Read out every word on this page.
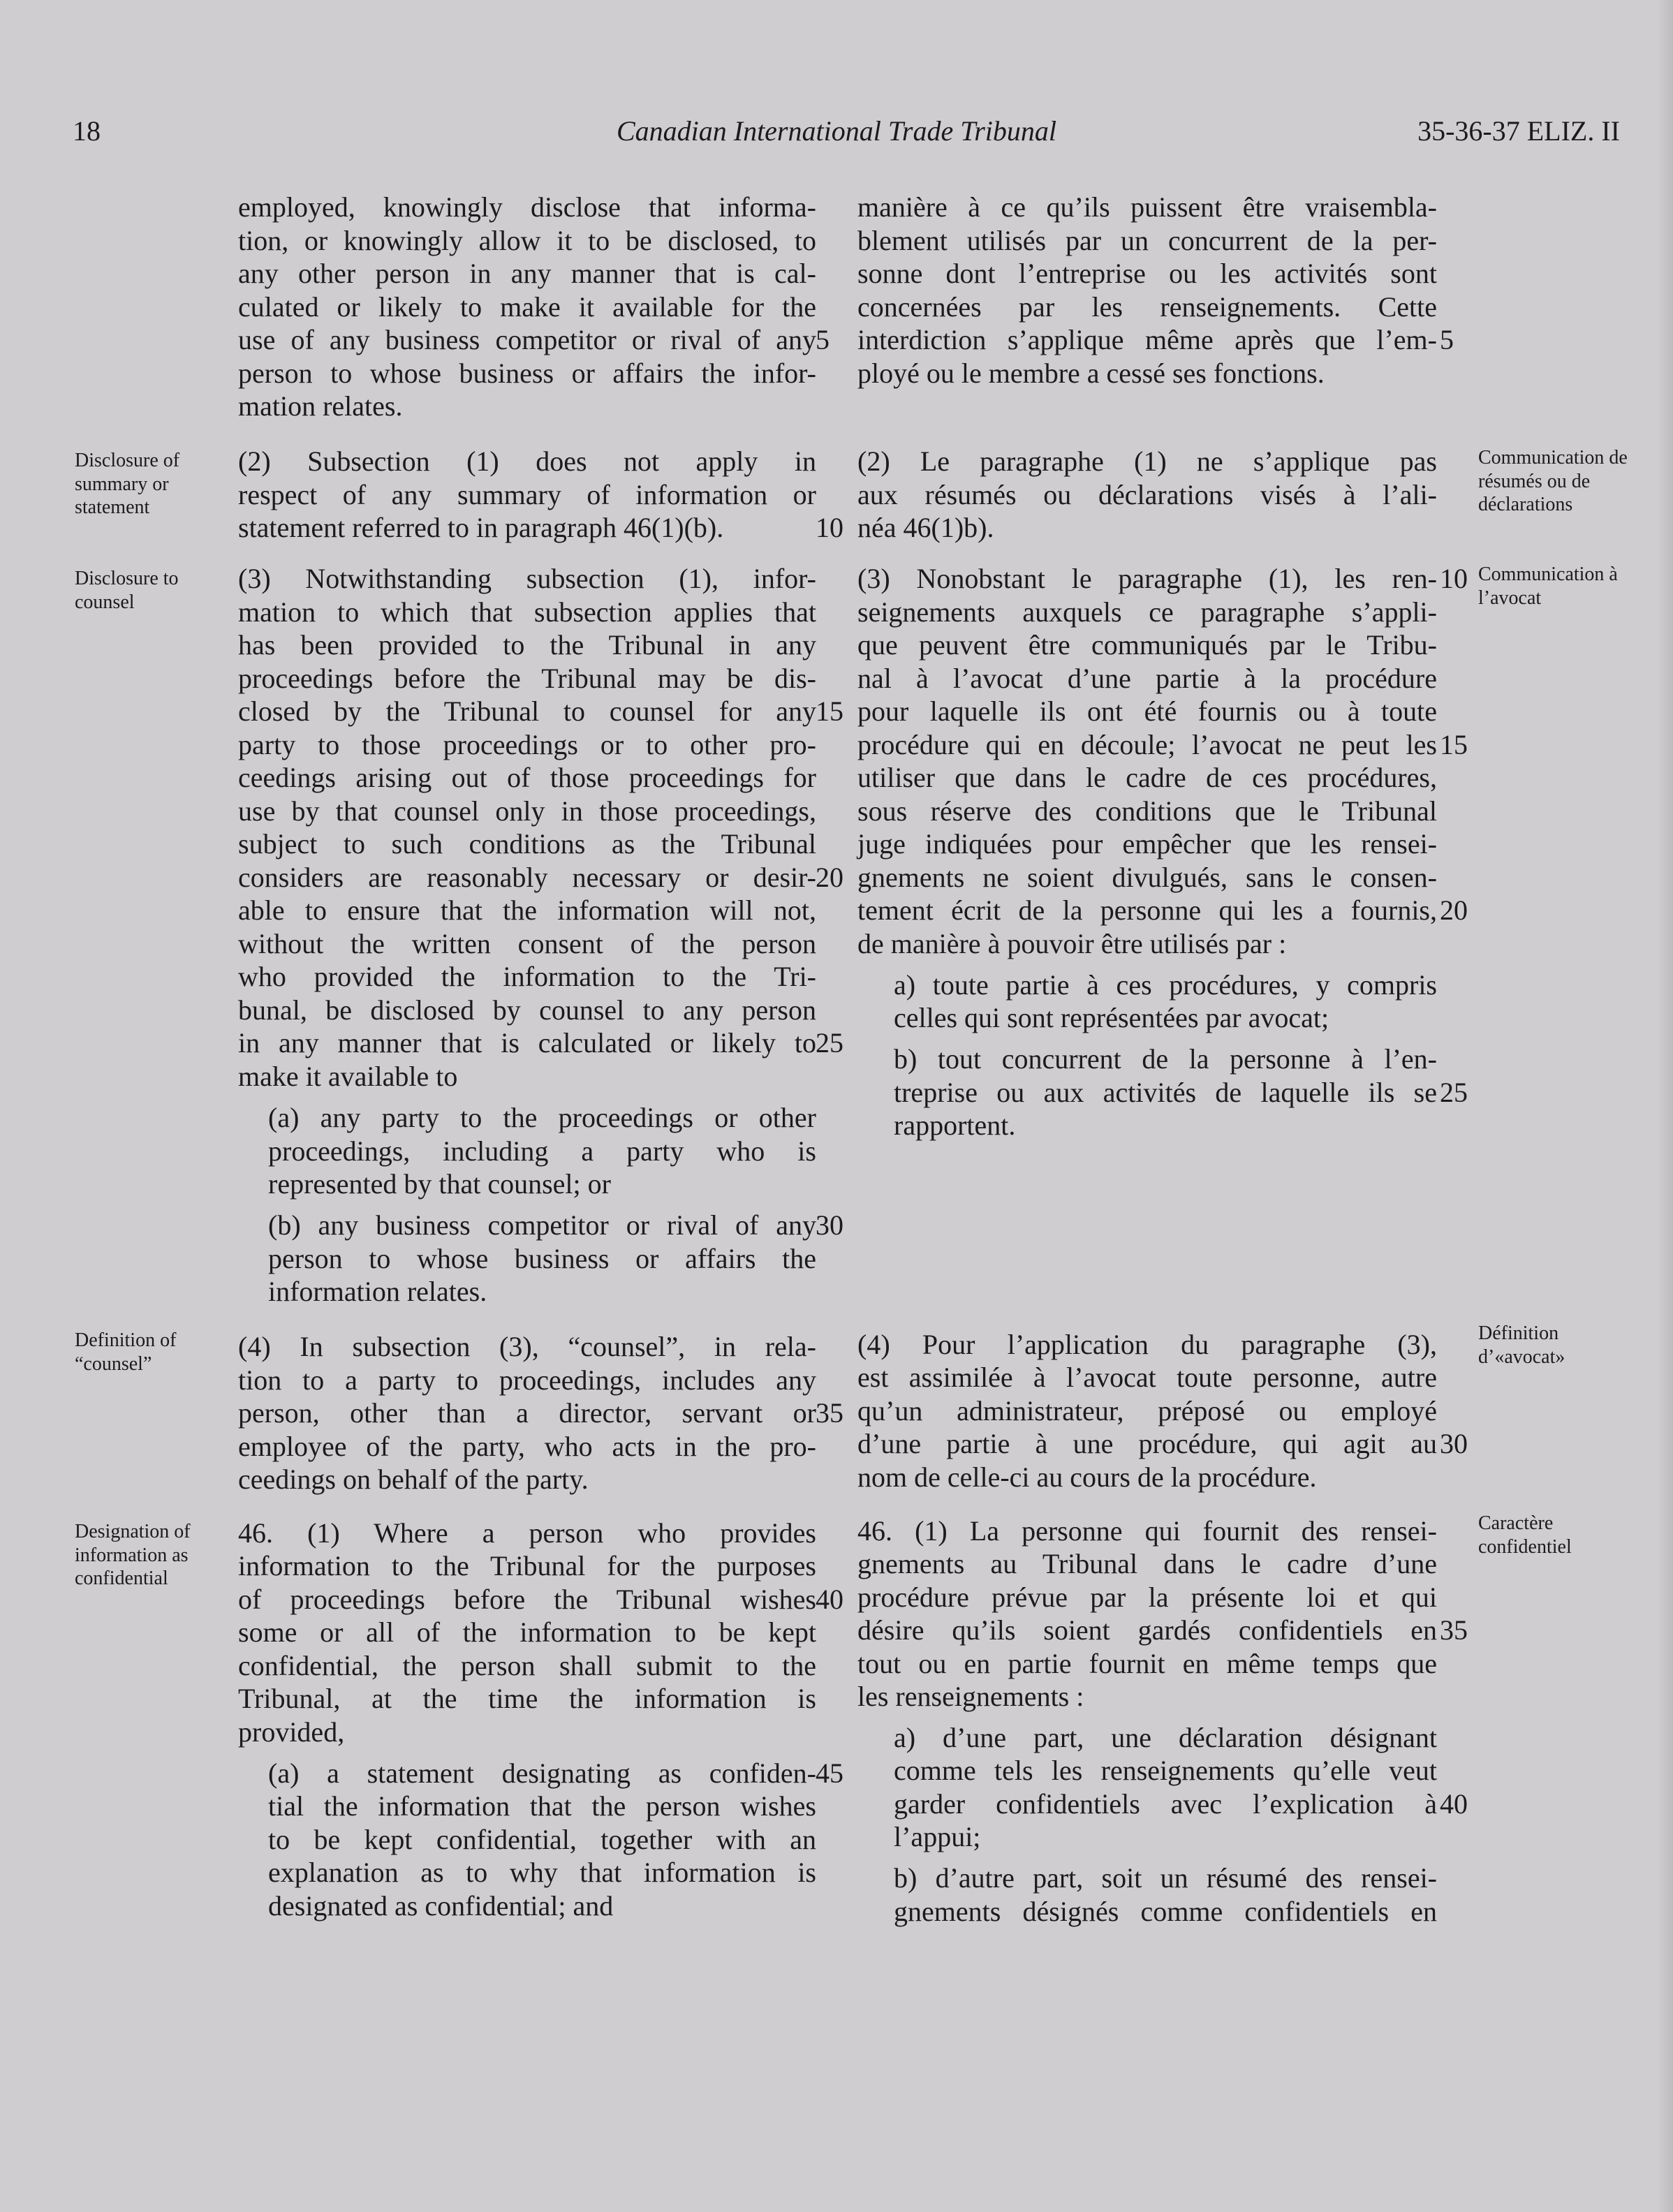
18	Canadian International Trade Tribunal	35-36-37 ELIZ. II
employed, knowingly disclose that informa-
tion, or knowingly allow it to be disclosed, to
any other person in any manner that is cal-
culated or likely to make it available for the
use of any business competitor or rival of any 5
person to whose business or affairs the infor-
mation relates.
(2) Subsection (1) does not apply in
respect of any summary of information or
statement referred to in paragraph 46(1)(b).	10
(3) Notwithstanding subsection (1), infor-
mation to which that subsection applies that
has been provided to the Tribunal in any
proceedings before the Tribunal may be dis-
closed by the Tribunal to counsel for any 15
party to those proceedings or to other pro-
ceedings arising out of those proceedings for
use by that counsel only in those proceedings,
subject to such conditions as the Tribunal
considers are reasonably necessary or desir- 20
able to ensure that the information will not,
without the written consent of the person
who provided the information to the Tri-
bunal, be disclosed by counsel to any person
in any manner that is calculated or likely to 25
make it available to
(a) any party to the proceedings or other
proceedings, including a party who is
represented by that counsel; or
(b) any business competitor or rival of any 30
person to whose business or affairs the
information relates.
(4) In subsection (3), “counsel”, in rela-
tion to a party to proceedings, includes any
person, other than a director, servant or 35
employee of the party, who acts in the pro-
ceedings on behalf of the party.
46. (1) Where a person who provides
information to the Tribunal for the purposes
of proceedings before the Tribunal wishes 40
some or all of the information to be kept
confidential, the person shall submit to the
Tribunal, at the time the information is
provided,
(a) a statement designating as confiden- 45
tial the information that the person wishes
to be kept confidential, together with an
explanation as to why that information is
designated as confidential; and
manière à ce qu’ils puissent être vraisembla-
blement utilisés par un concurrent de la per-
sonne dont l’entreprise ou les activités sont
concernées par les renseignements. Cette
interdiction s’applique même après que l’em- 5
ployé ou le membre a cessé ses fonctions.
(2) Le paragraphe (1) ne s’applique pas
aux résumés ou déclarations visés à l’ali-
néa 46(1)b).
(3) Nonobstant le paragraphe (1), les ren- 10
seignements auxquels ce paragraphe s’appli-
que peuvent être communiqués par le Tribu-
nal à l’avocat d’une partie à la procédure
pour laquelle ils ont été fournis ou à toute
procédure qui en découle; l’avocat ne peut les 15
utiliser que dans le cadre de ces procédures,
sous réserve des conditions que le Tribunal
juge indiquées pour empêcher que les rensei-
gnements ne soient divulgués, sans le consen-
tement écrit de la personne qui les a fournis, 20
de manière à pouvoir être utilisés par :
a) toute partie à ces procédures, y compris
celles qui sont représentées par avocat;
b) tout concurrent de la personne à l’en-
treprise ou aux activités de laquelle ils se 25
rapportent.
(4) Pour l’application du paragraphe (3),
est assimilée à l’avocat toute personne, autre
qu’un administrateur, préposé ou employé
d’une partie à une procédure, qui agit au 30
nom de celle-ci au cours de la procédure.
46. (1) La personne qui fournit des rensei-
gnements au Tribunal dans le cadre d’une
procédure prévue par la présente loi et qui
désire qu’ils soient gardés confidentiels en 35
tout ou en partie fournit en même temps que
les renseignements :
a) d’une part, une déclaration désignant
comme tels les renseignements qu’elle veut
garder confidentiels avec l’explication à 40
l’appui;
b) d’autre part, soit un résumé des rensei-
gnements désignés comme confidentiels en
Disclosure of summary or statement
Disclosure to counsel
Definition of “counsel”
Designation of information as confidential
Communication de résumés ou de déclarations
Communication à l’avocat
Définition d’«avocat»
Caractère confidentiel
